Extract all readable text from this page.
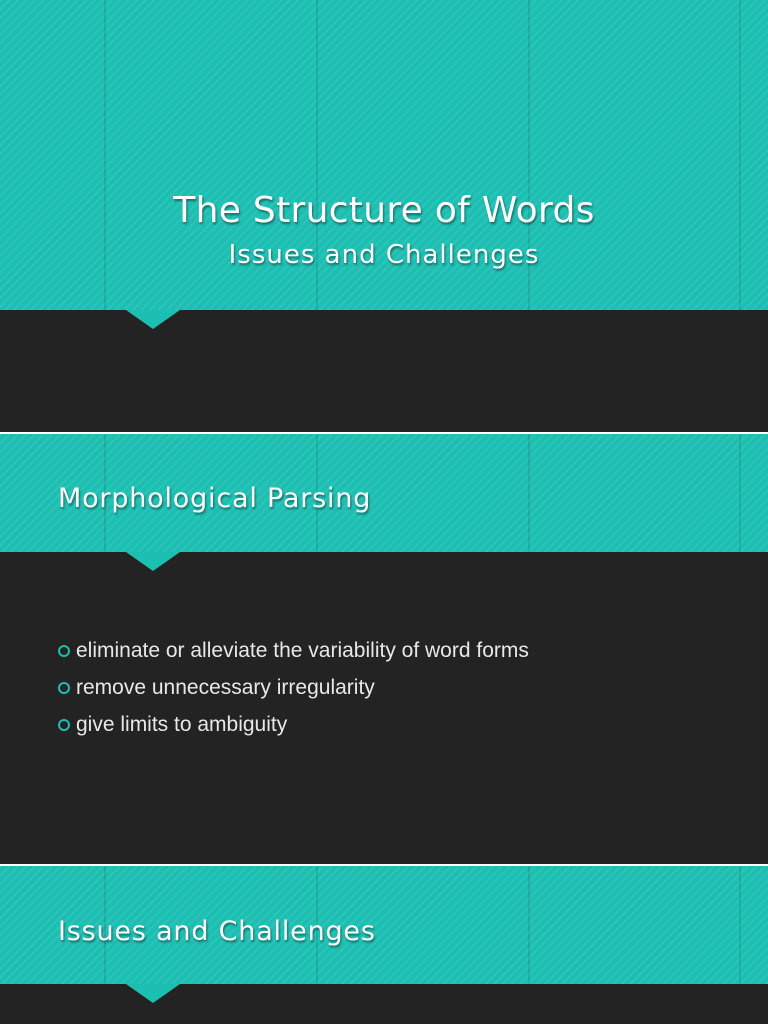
The Structure of Words
Issues and Challenges
Morphological Parsing
eliminate or alleviate the variability of word forms
remove unnecessary irregularity
give limits to ambiguity
Issues and Challenges
